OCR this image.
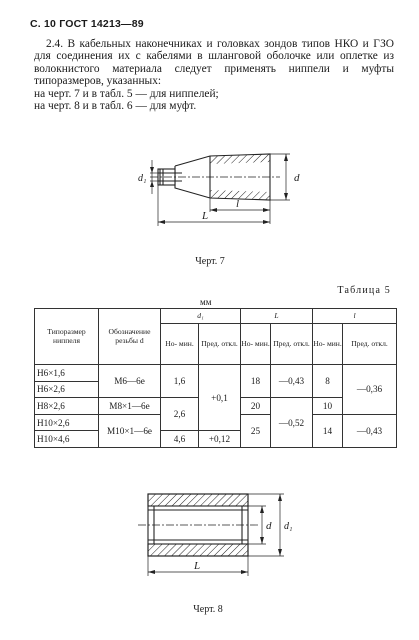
С. 10 ГОСТ 14213—89

2.4. В кабельных наконечниках и головках зондов типов НКО и ГЗО для соединения их с кабелями в шланговой оболочке или оплетке из волокнистого материала следует применять ниппели и муфты типоразмеров, указанных:

на черт. 7 и в табл. 5 — для ниппелей;

на черт. 8 и в табл. 6 — для муфт.

d
d₁
l
L
Черт. 7
Таблица 5
мм
Типоразмер ниппеля	Обозначение резьбы d	d₁		L		l	
		Но- мин.	Пред. откл.	Но- мин.	Пред. откл.	Но- мин.	Пред. откл.
Н6×1,6	М6—6е	1,6	+0,1	18	—0,43	8	—0,36
Н6×2,6							
Н8×2,6	М8×1—6е	2,6		20	—0,52	10	
Н10×2,6	М10×1—6е			25		14	—0,43
Н10×4,6		4,6	+0,12				
d d₁
L
Черт. 8
